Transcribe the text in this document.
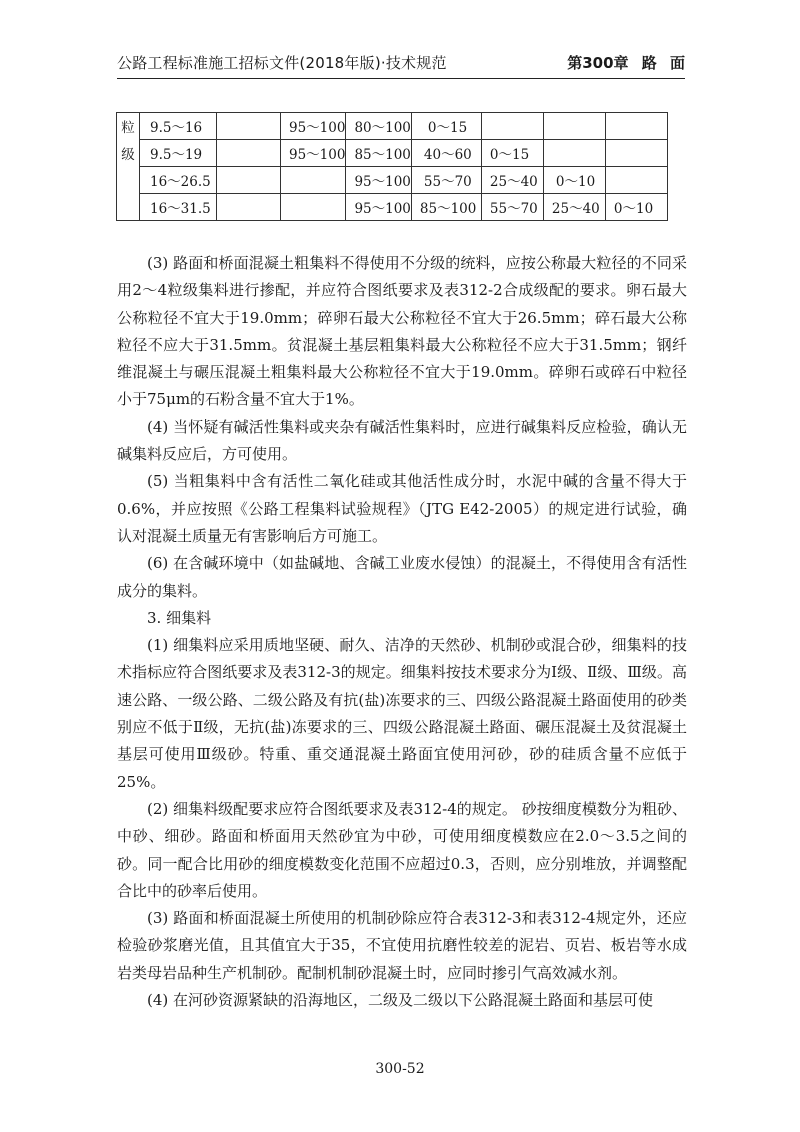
公路工程标准施工招标文件(2018年版)·技术规范	第300章 路 面
粒	9.5～16		95～100	80～100	0～15			
级	9.5～19		95～100	85～100	40～60	0～15		
	16～26.5			95～100	55～70	25～40	0～10	
	16～31.5			95～100	85～100	55～70	25～40	0～10

(3) 路面和桥面混凝土粗集料不得使用不分级的统料，应按公称最大粒径的不同采用2～4粒级集料进行掺配，并应符合图纸要求及表312-2合成级配的要求。卵石最大公称粒径不宜大于19.0mm；碎卵石最大公称粒径不宜大于26.5mm；碎石最大公称粒径不应大于31.5mm。贫混凝土基层粗集料最大公称粒径不应大于31.5mm；钢纤维混凝土与碾压混凝土粗集料最大公称粒径不宜大于19.0mm。碎卵石或碎石中粒径小于75μm的石粉含量不宜大于1%。

(4) 当怀疑有碱活性集料或夹杂有碱活性集料时，应进行碱集料反应检验，确认无碱集料反应后，方可使用。

(5) 当粗集料中含有活性二氧化硅或其他活性成分时，水泥中碱的含量不得大于0.6%，并应按照《公路工程集料试验规程》（JTG E42-2005）的规定进行试验，确认对混凝土质量无有害影响后方可施工。

(6) 在含碱环境中（如盐碱地、含碱工业废水侵蚀）的混凝土，不得使用含有活性成分的集料。

3. 细集料

(1) 细集料应采用质地坚硬、耐久、洁净的天然砂、机制砂或混合砂，细集料的技术指标应符合图纸要求及表312-3的规定。细集料按技术要求分为Ⅰ级、Ⅱ级、Ⅲ级。高速公路、一级公路、二级公路及有抗(盐)冻要求的三、四级公路混凝土路面使用的砂类别应不低于Ⅱ级，无抗(盐)冻要求的三、四级公路混凝土路面、碾压混凝土及贫混凝土基层可使用Ⅲ级砂。特重、重交通混凝土路面宜使用河砂，砂的硅质含量不应低于25%。

(2) 细集料级配要求应符合图纸要求及表312-4的规定。 砂按细度模数分为粗砂、中砂、细砂。路面和桥面用天然砂宜为中砂，可使用细度模数应在2.0～3.5之间的砂。同一配合比用砂的细度模数变化范围不应超过0.3，否则，应分别堆放，并调整配合比中的砂率后使用。

(3) 路面和桥面混凝土所使用的机制砂除应符合表312-3和表312-4规定外，还应检验砂浆磨光值，且其值宜大于35，不宜使用抗磨性较差的泥岩、页岩、板岩等水成岩类母岩品种生产机制砂。配制机制砂混凝土时，应同时掺引气高效减水剂。

(4) 在河砂资源紧缺的沿海地区，二级及二级以下公路混凝土路面和基层可使

300-52
